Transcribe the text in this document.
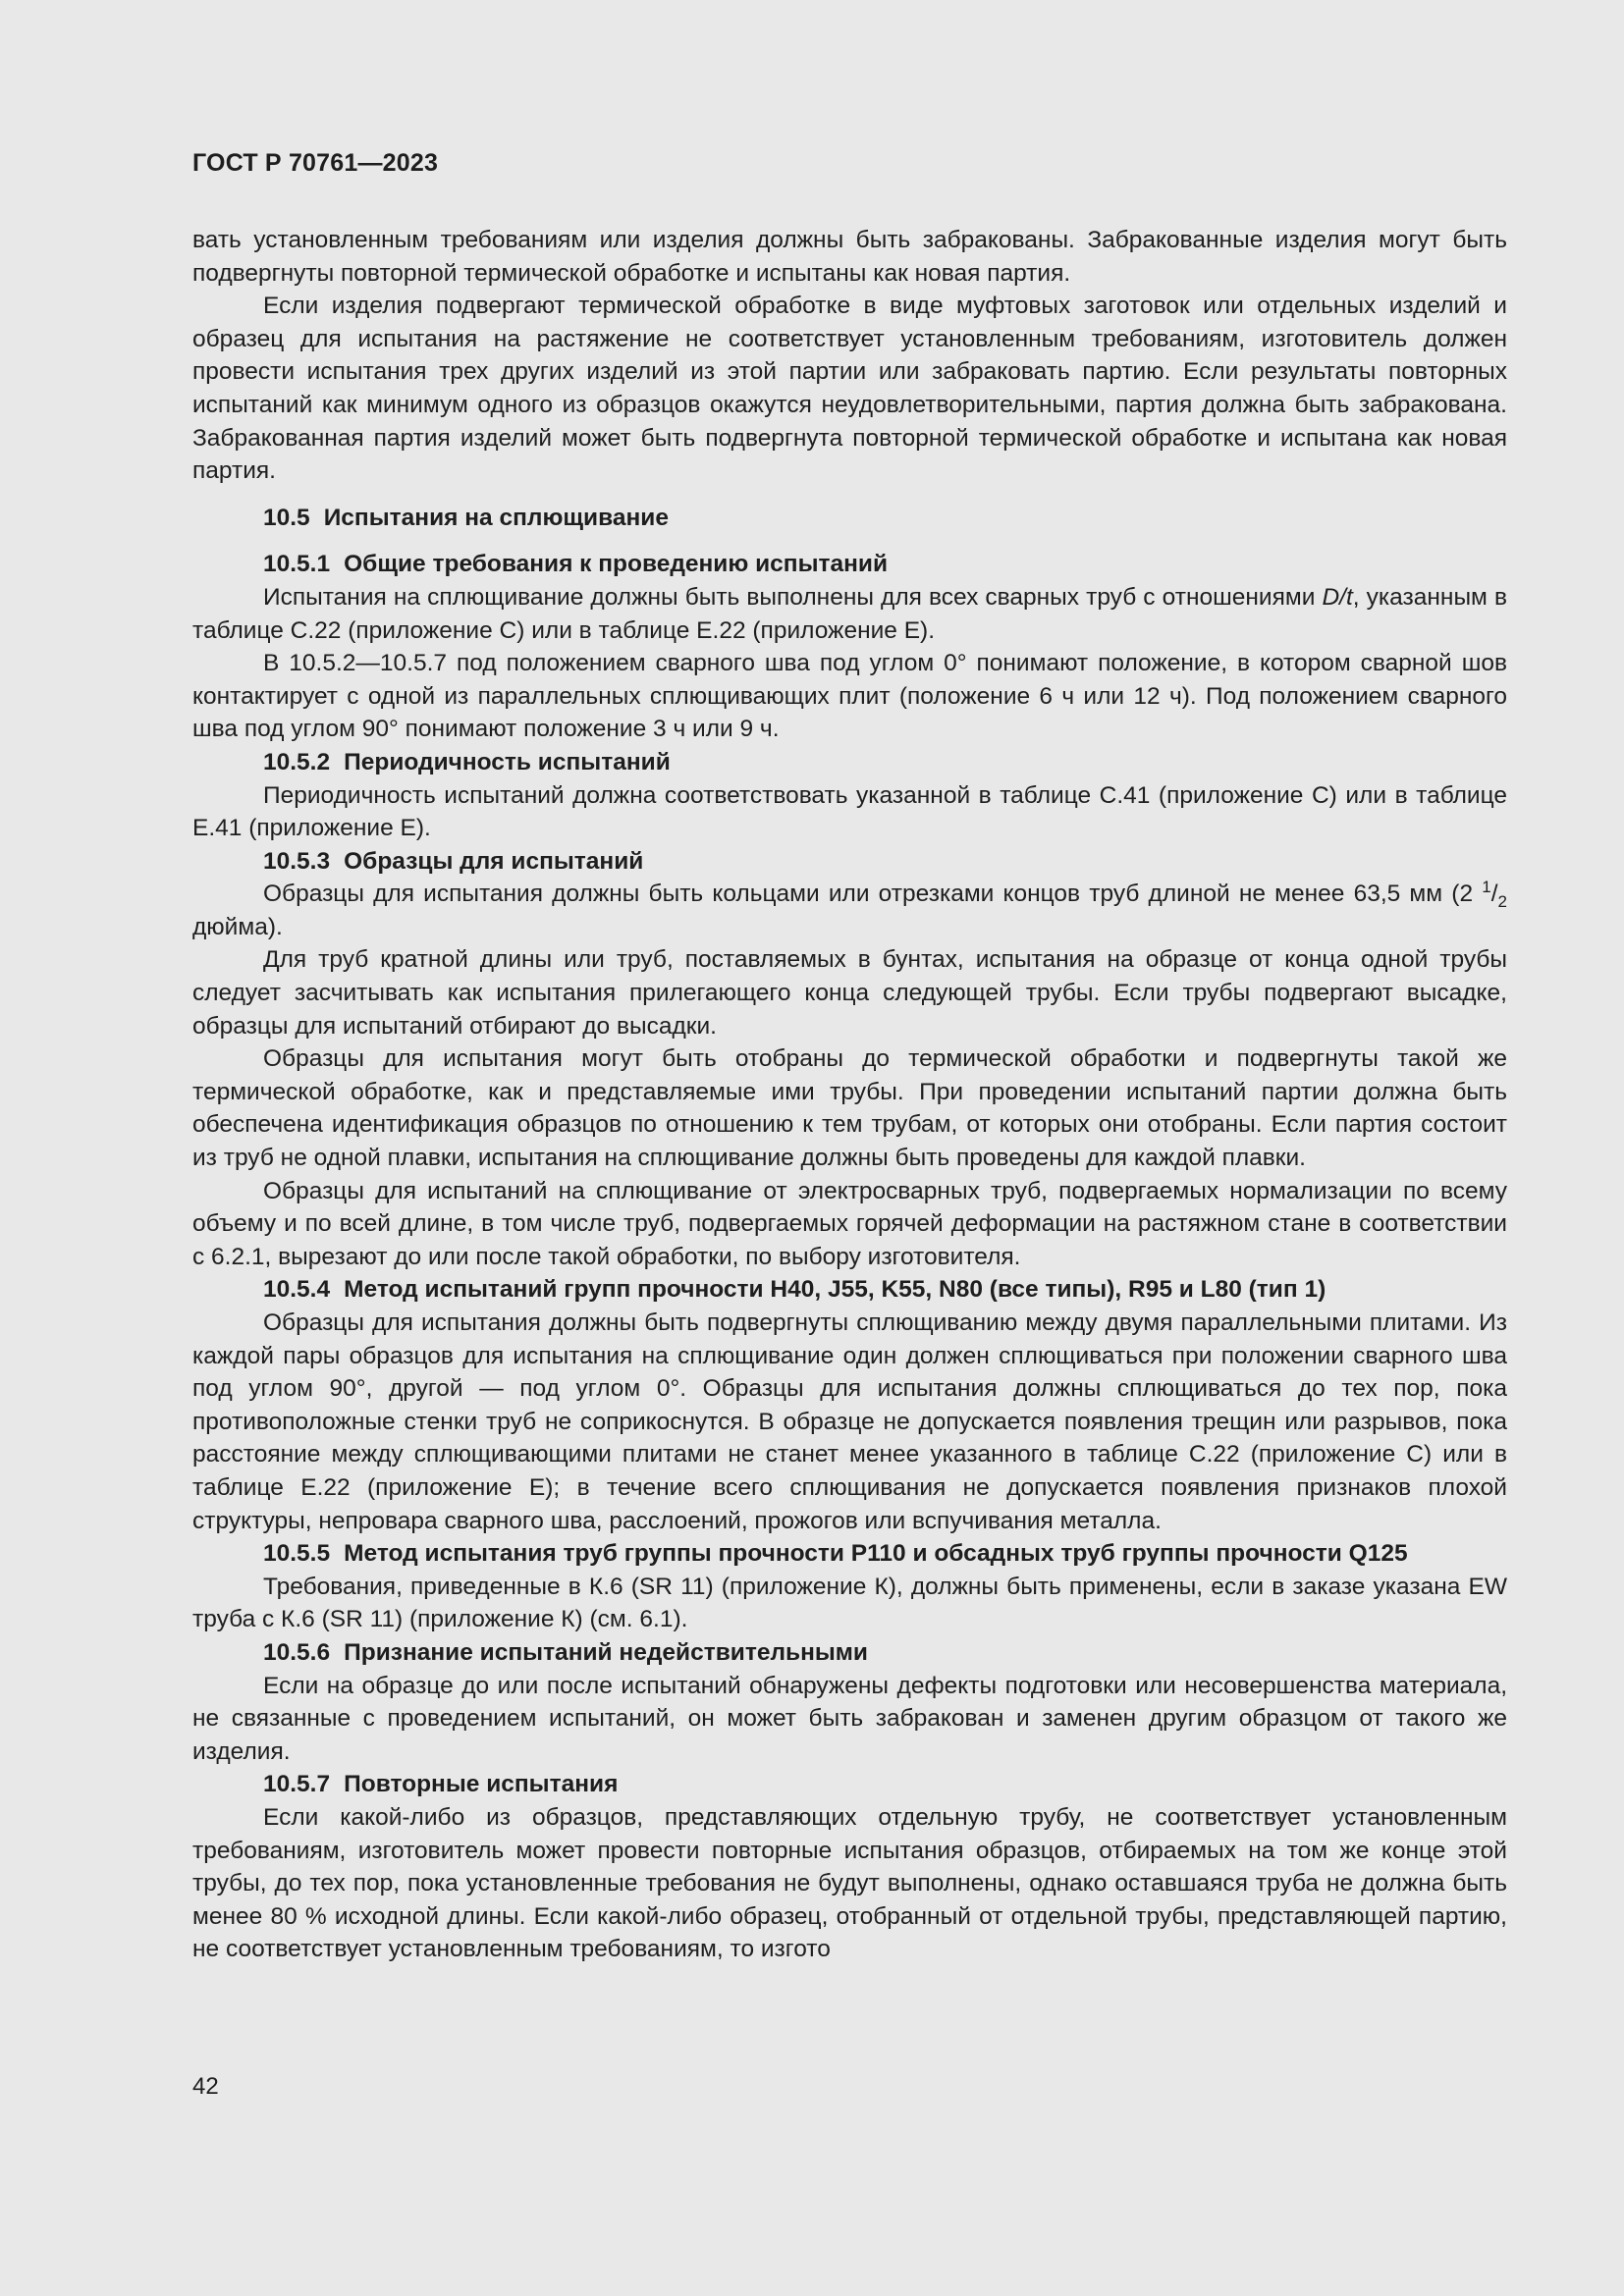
ГОСТ Р 70761—2023

вать установленным требованиям или изделия должны быть забракованы. Забракованные изделия могут быть подвергнуты повторной термической обработке и испытаны как новая партия.

Если изделия подвергают термической обработке в виде муфтовых заготовок или отдельных изделий и образец для испытания на растяжение не соответствует установленным требованиям, изготовитель должен провести испытания трех других изделий из этой партии или забраковать партию. Если результаты повторных испытаний как минимум одного из образцов окажутся неудовлетворительными, партия должна быть забракована. Забракованная партия изделий может быть подвергнута повторной термической обработке и испытана как новая партия.

10.5 Испытания на сплющивание
10.5.1 Общие требования к проведению испытаний

Испытания на сплющивание должны быть выполнены для всех сварных труб с отношениями D/t, указанным в таблице С.22 (приложение С) или в таблице Е.22 (приложение Е).

В 10.5.2—10.5.7 под положением сварного шва под углом 0° понимают положение, в котором сварной шов контактирует с одной из параллельных сплющивающих плит (положение 6 ч или 12 ч). Под положением сварного шва под углом 90° понимают положение 3 ч или 9 ч.

10.5.2 Периодичность испытаний

Периодичность испытаний должна соответствовать указанной в таблице С.41 (приложение С) или в таблице Е.41 (приложение Е).

10.5.3 Образцы для испытаний

Образцы для испытания должны быть кольцами или отрезками концов труб длиной не менее 63,5 мм (2 $^1/_2$ дюйма).

Для труб кратной длины или труб, поставляемых в бунтах, испытания на образце от конца одной трубы следует засчитывать как испытания прилегающего конца следующей трубы. Если трубы подвергают высадке, образцы для испытаний отбирают до высадки.

Образцы для испытания могут быть отобраны до термической обработки и подвергнуты такой же термической обработке, как и представляемые ими трубы. При проведении испытаний партии должна быть обеспечена идентификация образцов по отношению к тем трубам, от которых они отобраны. Если партия состоит из труб не одной плавки, испытания на сплющивание должны быть проведены для каждой плавки.

Образцы для испытаний на сплющивание от электросварных труб, подвергаемых нормализации по всему объему и по всей длине, в том числе труб, подвергаемых горячей деформации на растяжном стане в соответствии с 6.2.1, вырезают до или после такой обработки, по выбору изготовителя.

10.5.4 Метод испытаний групп прочности Н40, J55, K55, N80 (все типы), R95 и L80 (тип 1)

Образцы для испытания должны быть подвергнуты сплющиванию между двумя параллельными плитами. Из каждой пары образцов для испытания на сплющивание один должен сплющиваться при положении сварного шва под углом 90°, другой — под углом 0°. Образцы для испытания должны сплющиваться до тех пор, пока противоположные стенки труб не соприкоснутся. В образце не допускается появления трещин или разрывов, пока расстояние между сплющивающими плитами не станет менее указанного в таблице С.22 (приложение С) или в таблице Е.22 (приложение Е); в течение всего сплющивания не допускается появления признаков плохой структуры, непровара сварного шва, расслоений, прожогов или вспучивания металла.

10.5.5 Метод испытания труб группы прочности Р110 и обсадных труб группы прочности Q125

Требования, приведенные в К.6 (SR 11) (приложение К), должны быть применены, если в заказе указана EW труба с К.6 (SR 11) (приложение К) (см. 6.1).

10.5.6 Признание испытаний недействительными

Если на образце до или после испытаний обнаружены дефекты подготовки или несовершенства материала, не связанные с проведением испытаний, он может быть забракован и заменен другим образцом от такого же изделия.

10.5.7 Повторные испытания

Если какой-либо из образцов, представляющих отдельную трубу, не соответствует установленным требованиям, изготовитель может провести повторные испытания образцов, отбираемых на том же конце этой трубы, до тех пор, пока установленные требования не будут выполнены, однако оставшаяся труба не должна быть менее 80 % исходной длины. Если какой-либо образец, отобранный от отдельной трубы, представляющей партию, не соответствует установленным требованиям, то изгото

42
